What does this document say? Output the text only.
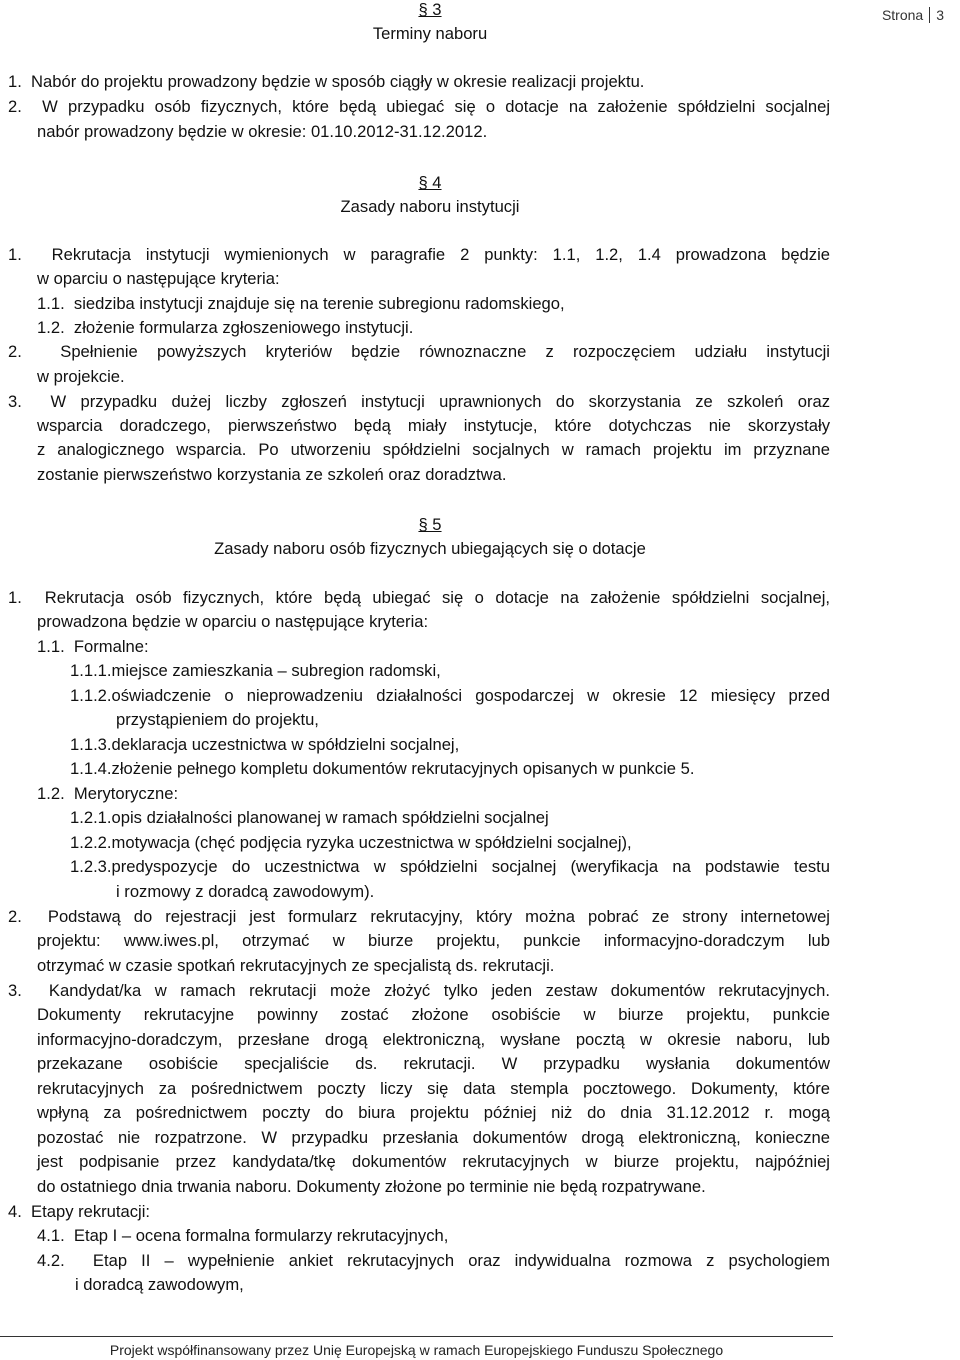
Strona 3
§ 3
Terminy naboru
1.  Nabór do projektu prowadzony będzie w sposób ciągły w okresie realizacji projektu.
2.  W przypadku osób fizycznych, które będą ubiegać się o dotacje na założenie spółdzielni socjalnej
nabór prowadzony będzie w okresie: 01.10.2012-31.12.2012.
§ 4
Zasady naboru instytucji
1.  Rekrutacja instytucji wymienionych w paragrafie 2 punkty: 1.1, 1.2, 1.4 prowadzona będzie
w oparciu o następujące kryteria:
1.1.  siedziba instytucji znajduje się na terenie subregionu radomskiego,
1.2.  złożenie formularza zgłoszeniowego instytucji.
2.  Spełnienie powyższych kryteriów będzie równoznaczne z rozpoczęciem udziału instytucji
w projekcie.
3.  W przypadku dużej liczby zgłoszeń instytucji uprawnionych do skorzystania ze szkoleń oraz
wsparcia doradczego, pierwszeństwo będą miały instytucje, które dotychczas nie skorzystały
z analogicznego wsparcia. Po utworzeniu spółdzielni socjalnych w ramach projektu im przyznane
zostanie pierwszeństwo korzystania ze szkoleń oraz doradztwa.
§ 5
Zasady naboru osób fizycznych ubiegających się o dotacje
1.  Rekrutacja osób fizycznych, które będą ubiegać się o dotacje na założenie spółdzielni socjalnej,
prowadzona będzie w oparciu o następujące kryteria:
1.1.  Formalne:
1.1.1.miejsce zamieszkania – subregion radomski,
1.1.2.oświadczenie o nieprowadzeniu działalności gospodarczej w okresie 12 miesięcy przed
przystąpieniem do projektu,
1.1.3.deklaracja uczestnictwa w spółdzielni socjalnej,
1.1.4.złożenie pełnego kompletu dokumentów rekrutacyjnych opisanych w punkcie 5.
1.2.  Merytoryczne:
1.2.1.opis działalności planowanej w ramach spółdzielni socjalnej
1.2.2.motywacja (chęć podjęcia ryzyka uczestnictwa w spółdzielni socjalnej),
1.2.3.predyspozycje do uczestnictwa w spółdzielni socjalnej (weryfikacja na podstawie testu
i rozmowy z doradcą zawodowym).
2.  Podstawą do rejestracji jest formularz rekrutacyjny, który można pobrać ze strony internetowej
projektu: www.iwes.pl, otrzymać w biurze projektu, punkcie informacyjno-doradczym lub
otrzymać w czasie spotkań rekrutacyjnych ze specjalistą ds. rekrutacji.
3.  Kandydat/ka w ramach rekrutacji może złożyć tylko jeden zestaw dokumentów rekrutacyjnych.
Dokumenty rekrutacyjne powinny zostać złożone osobiście w biurze projektu, punkcie
informacyjno-doradczym, przesłane drogą elektroniczną, wysłane pocztą w okresie naboru, lub
przekazane osobiście specjaliście ds. rekrutacji. W przypadku wysłania dokumentów
rekrutacyjnych za pośrednictwem poczty liczy się data stempla pocztowego. Dokumenty, które
wpłyną za pośrednictwem poczty do biura projektu później niż do dnia 31.12.2012 r. mogą
pozostać nie rozpatrzone. W przypadku przesłania dokumentów drogą elektroniczną, konieczne
jest podpisanie przez kandydata/tkę dokumentów rekrutacyjnych w biurze projektu, najpóźniej
do ostatniego dnia trwania naboru. Dokumenty złożone po terminie nie będą rozpatrywane.
4.  Etapy rekrutacji:
4.1.  Etap I – ocena formalna formularzy rekrutacyjnych,
4.2.  Etap II – wypełnienie ankiet rekrutacyjnych oraz indywidualna rozmowa z psychologiem
i doradcą zawodowym,
Projekt współfinansowany przez Unię Europejską w ramach Europejskiego Funduszu Społecznego
